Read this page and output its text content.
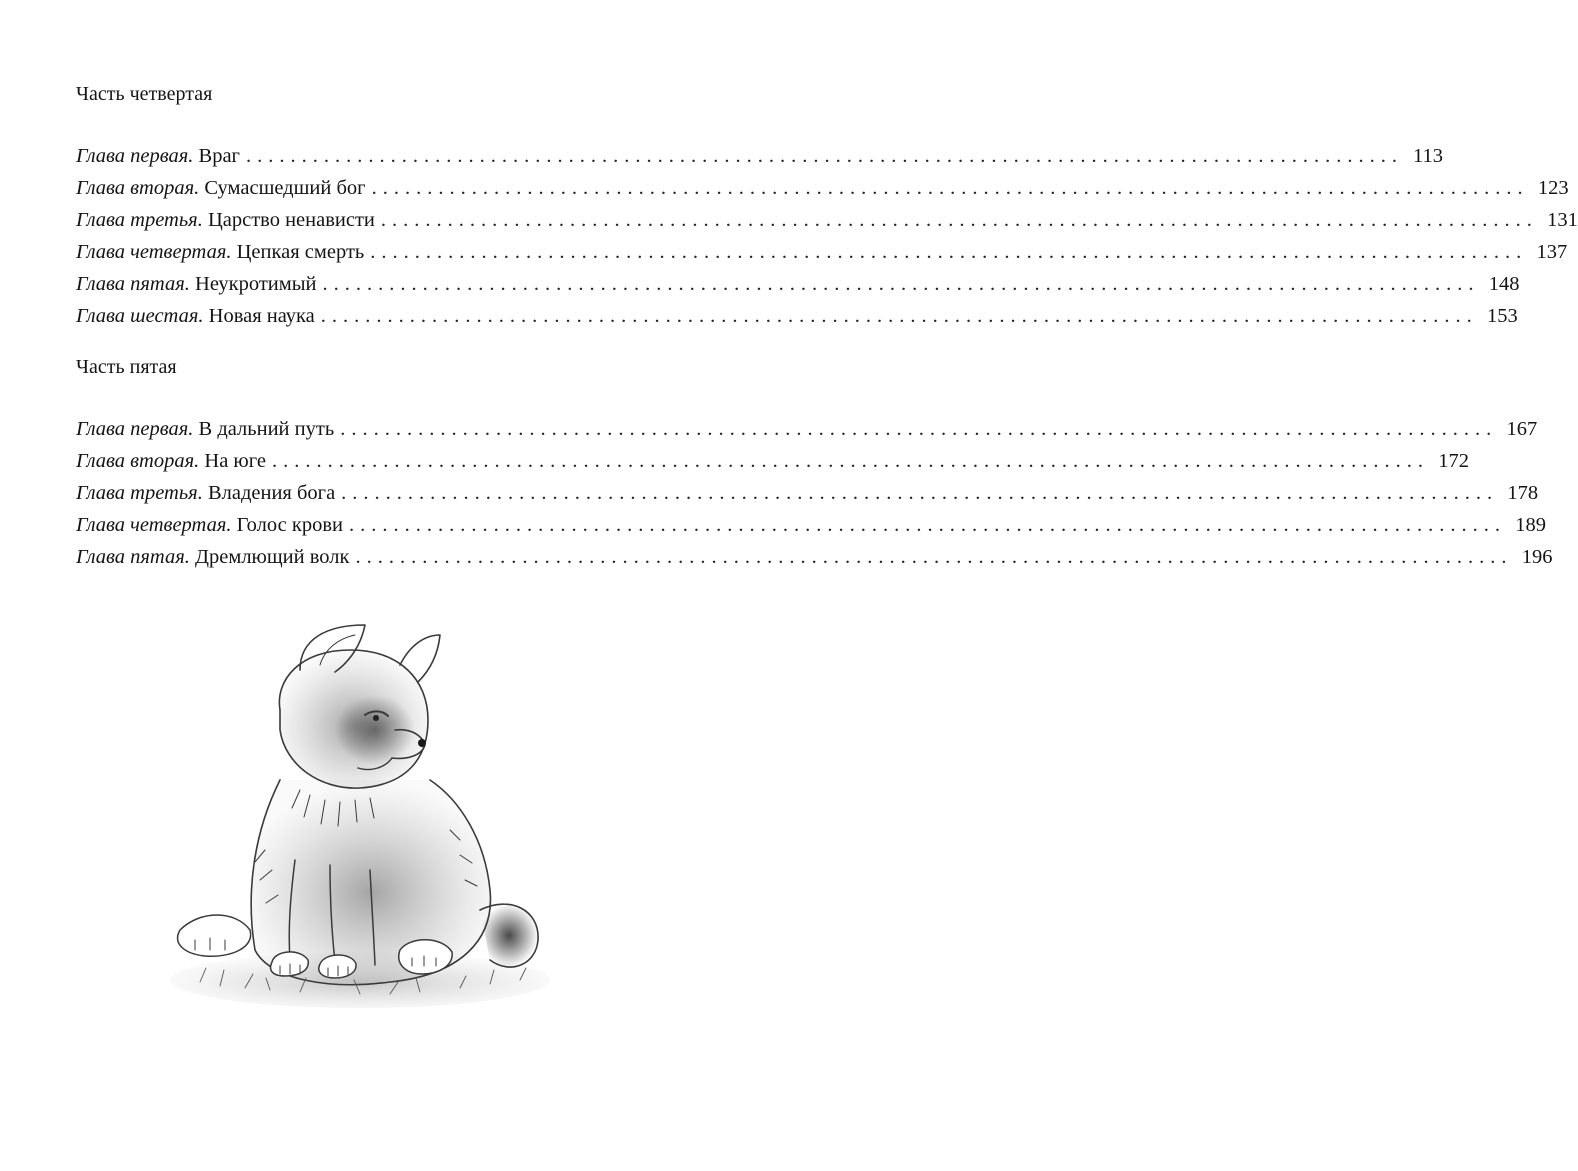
Часть четвертая
Глава первая.
Враг ........................................................................................................ 113
Глава вторая.
Сумасшедший бог ........................................................................................................ 123
Глава третья.
Царство ненависти ........................................................................................................ 131
Глава четвертая.
Цепкая смерть ........................................................................................................ 137
Глава пятая.
Неукротимый ........................................................................................................ 148
Глава шестая.
Новая наука ........................................................................................................ 153
Часть пятая
Глава первая.
В дальний путь ........................................................................................................ 167
Глава вторая.
На юге ........................................................................................................ 172
Глава третья.
Владения бога ........................................................................................................ 178
Глава четвертая.
Голос крови ........................................................................................................ 189
Глава пятая.
Дремлющий волк ........................................................................................................ 196
